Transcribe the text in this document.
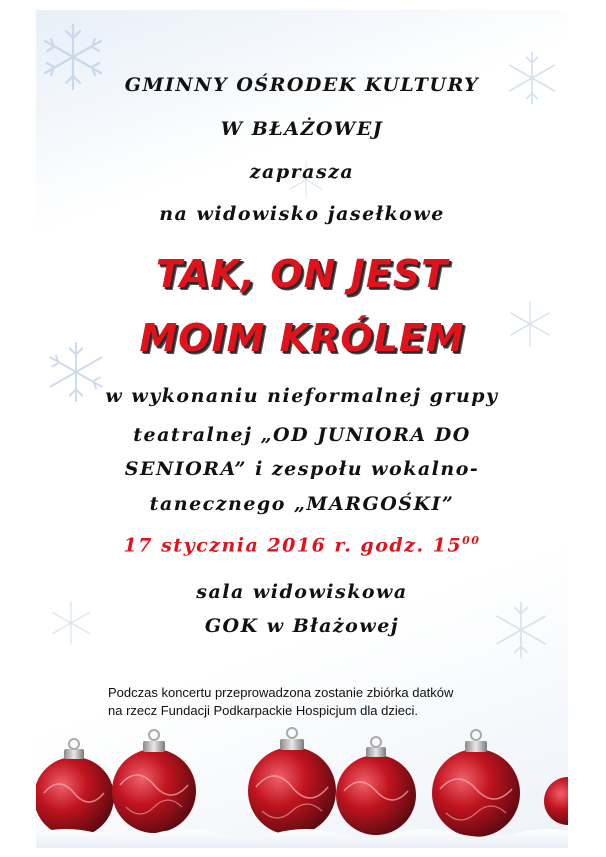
GMINNY OŚRODEK KULTURY
W BŁAŻOWEJ
zaprasza
na widowisko jasełkowe
TAK, ON JEST
MOIM KRÓLEM
w wykonaniu nieformalnej grupy
teatralnej „OD JUNIORA DO
SENIORA” i zespołu wokalno-
tanecznego „MARGOŚKI”
17 stycznia 2016 r. godz. $15^{00}$
sala widowiskowa
GOK w Błażowej
Podczas koncertu przeprowadzona zostanie zbiórka datków
na rzecz Fundacji Podkarpackie Hospicjum dla dzieci.
